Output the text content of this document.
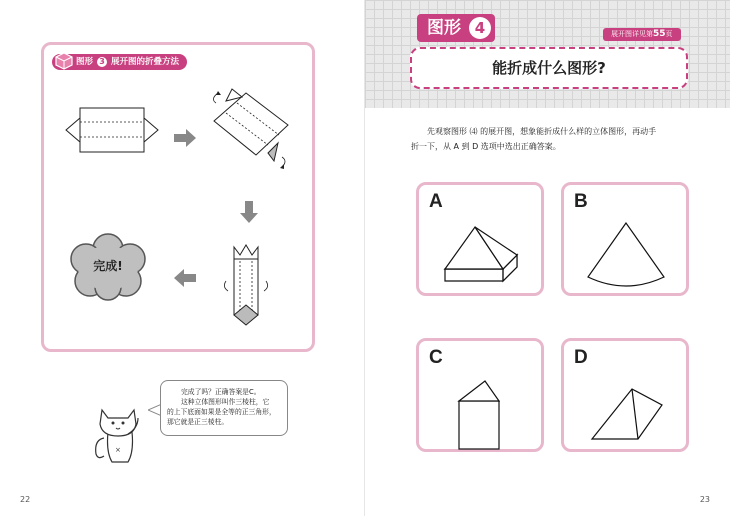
图形 3 展开图的折叠方法
完成!

完成了吗？正确答案是C。

这种立体图形叫作三棱柱，它

的上下底面如果是全等的正三角形，

那它就是正三棱柱。

×
22
图形 4	展开图详见第55页
能折成什么图形?
先观察图形 ⑷ 的展开图，想象能折成什么样的立体图形，再动手
折一下，从 A 到 D 选项中选出正确答案。
A	B
C	D
23
